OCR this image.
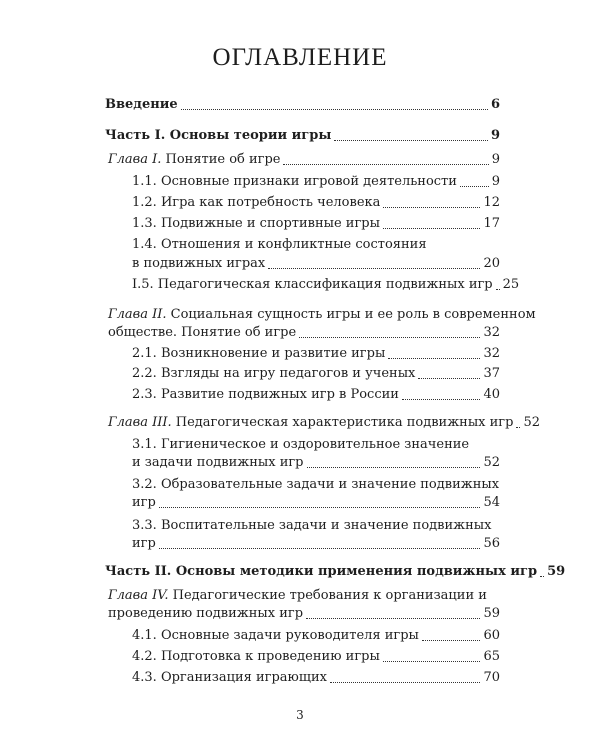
ОГЛАВЛЕНИЕ
Введение	6
Часть I. Основы теории игры	9
Глава I. Понятие об игре	9
1.1. Основные признаки игровой деятельности	9
1.2. Игра как потребность человека	12
1.3. Подвижные и спортивные игры	17
1.4. Отношения и конфликтные состояния
в подвижных играх	20
I.5. Педагогическая классификация подвижных игр 25
Глава II. Социальная сущность игры и ее роль в современном
обществе. Понятие об игре	32
2.1. Возникновение и развитие игры	32
2.2. Взгляды на игру педагогов и ученых	37
2.3. Развитие подвижных игр в России	40
Глава III. Педагогическая характеристика подвижных игр 52
3.1. Гигиеническое и оздоровительное значение
и задачи подвижных игр	52
3.2. Образовательные задачи и значение подвижных
игр	54
3.3. Воспитательные задачи и значение подвижных
игр	56
Часть II. Основы методики применения подвижных игр 59
Глава IV. Педагогические требования к организации и
проведению подвижных игр	59
4.1. Основные задачи руководителя игры	60
4.2. Подготовка к проведению игры	65
4.3. Организация играющих	70
3
